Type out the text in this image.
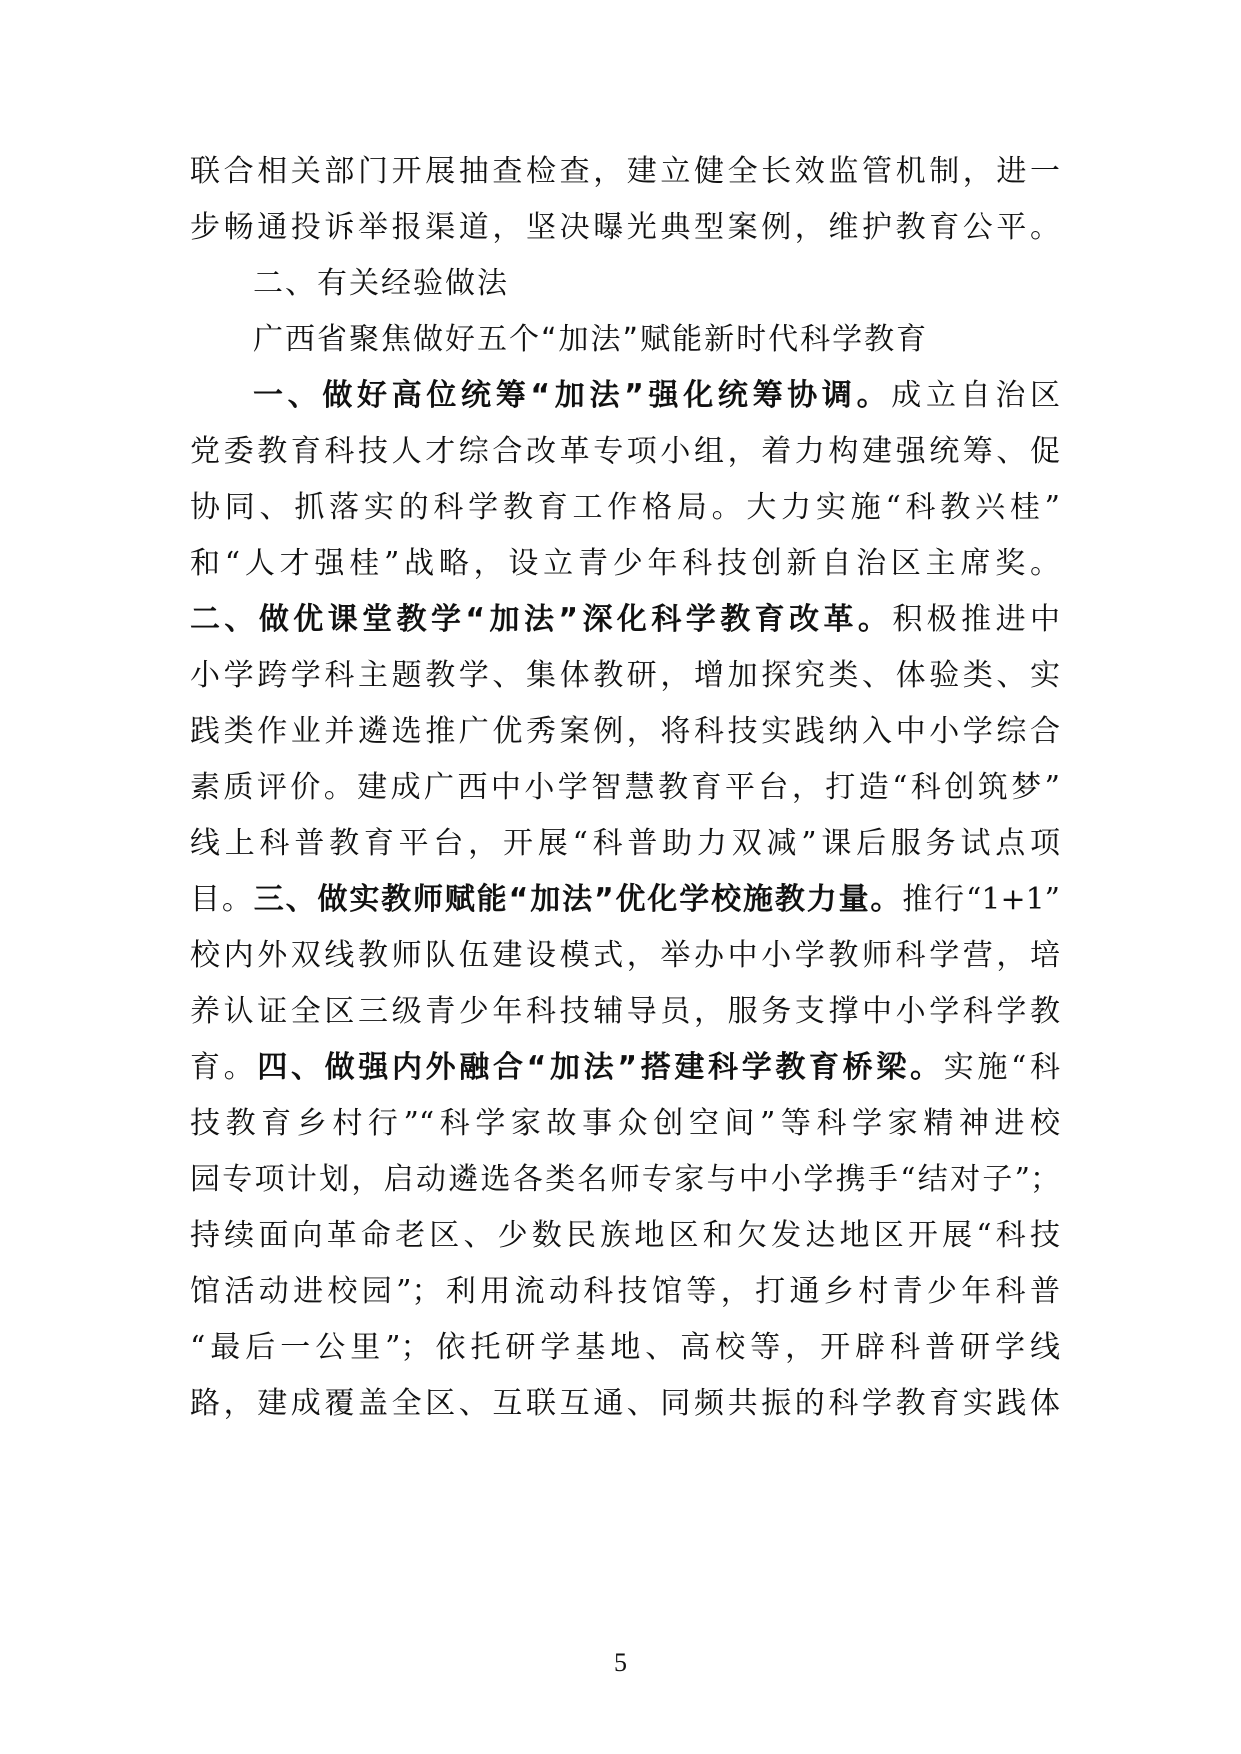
联合相关部门开展抽查检查，建立健全长效监管机制，进一
步畅通投诉举报渠道，坚决曝光典型案例，维护教育公平。
二、有关经验做法
广西省聚焦做好五个“加法”赋能新时代科学教育
一、做好高位统筹“加法”强化统筹协调。成立自治区
党委教育科技人才综合改革专项小组，着力构建强统筹、促
协同、抓落实的科学教育工作格局。大力实施“科教兴桂”
和“人才强桂”战略，设立青少年科技创新自治区主席奖。
二、做优课堂教学“加法”深化科学教育改革。积极推进中
小学跨学科主题教学、集体教研，增加探究类、体验类、实
践类作业并遴选推广优秀案例，将科技实践纳入中小学综合
素质评价。建成广西中小学智慧教育平台，打造“科创筑梦”
线上科普教育平台，开展“科普助力双减”课后服务试点项
目。三、做实教师赋能“加法”优化学校施教力量。推行“1+1”
校内外双线教师队伍建设模式，举办中小学教师科学营，培
养认证全区三级青少年科技辅导员，服务支撑中小学科学教
育。四、做强内外融合“加法”搭建科学教育桥梁。实施“科
技教育乡村行”“科学家故事众创空间”等科学家精神进校
园专项计划，启动遴选各类名师专家与中小学携手“结对子”；
持续面向革命老区、少数民族地区和欠发达地区开展“科技
馆活动进校园”；利用流动科技馆等，打通乡村青少年科普
“最后一公里”；依托研学基地、高校等，开辟科普研学线
路，建成覆盖全区、互联互通、同频共振的科学教育实践体
5
